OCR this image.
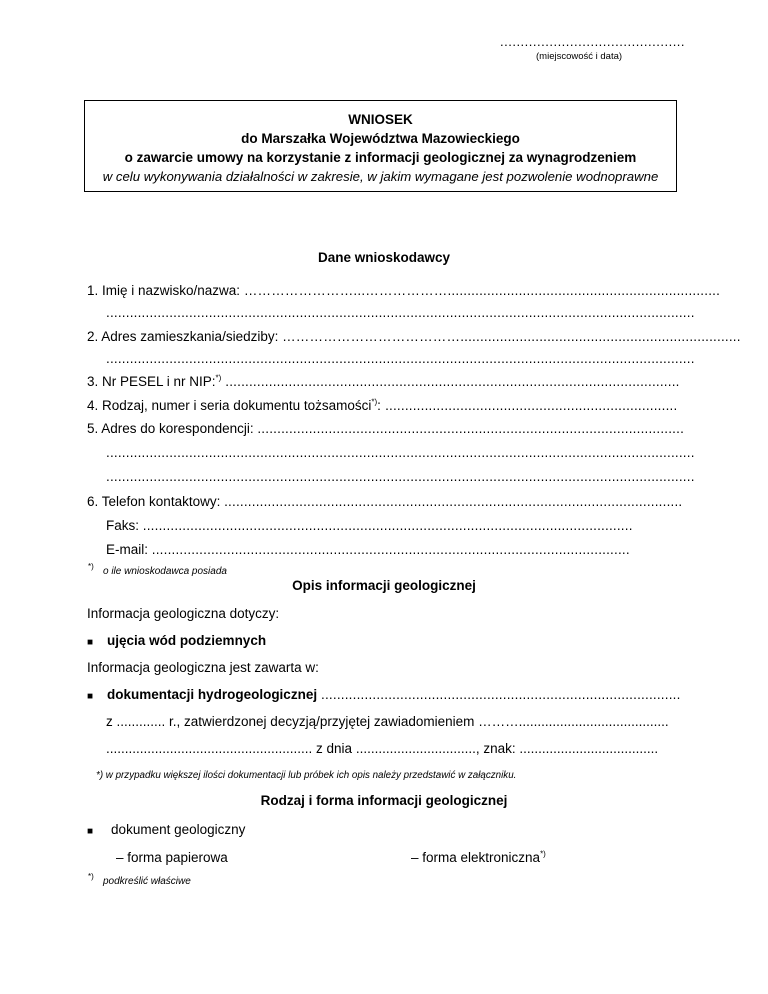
.............................................
(miejscowość i data)
WNIOSEK
do Marszałka Województwa Mazowieckiego
o zawarcie umowy na korzystanie z informacji geologicznej za wynagrodzeniem
w celu wykonywania działalności w zakresie, w jakim wymagane jest pozwolenie wodnoprawne
Dane wnioskodawcy
1. Imię i nazwisko/nazwa: ……………………...……………….....................................................................
.....................................................................................................................................................
2. Adres zamieszkania/siedziby: ………………………………….......................................................................
.....................................................................................................................................................
3. Nr PESEL i nr NIP:*) ...................................................................................................................
4. Rodzaj, numer i seria dokumentu tożsamości*): ..........................................................................
5. Adres do korespondencji: ............................................................................................................
.....................................................................................................................................................
.....................................................................................................................................................
6. Telefon kontaktowy: ....................................................................................................................
Faks: ............................................................................................................................
E-mail: .........................................................................................................................
*) o ile wnioskodawca posiada
Opis informacji geologicznej
Informacja geologiczna dotyczy:
■ ujęcia wód podziemnych
Informacja geologiczna jest zawarta w:
■ dokumentacji hydrogeologicznej ...........................................................................................
z ............. r., zatwierdzonej decyzją/przyjętej zawiadomieniem ………........................................
....................................................... z dnia ................................, znak: .....................................
*) w przypadku większej ilości dokumentacji lub próbek ich opis należy przedstawić w załączniku.
Rodzaj i forma informacji geologicznej
■ dokument geologiczny
– forma papierowa	– forma elektroniczna*)
*) podkreślić właściwe
